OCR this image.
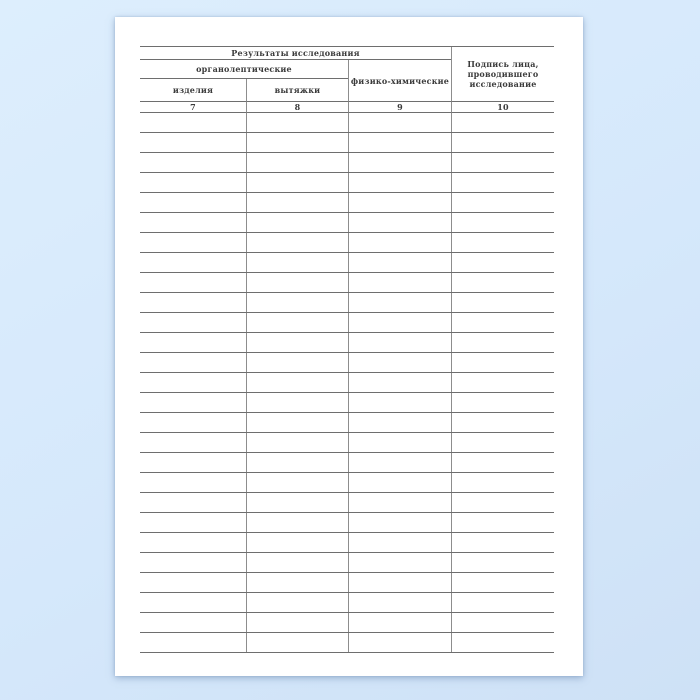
Результаты исследования
Подпись лица, проводившего исследование
органолептические
физико-химические
изделия	вытяжки
7	8	9	10
